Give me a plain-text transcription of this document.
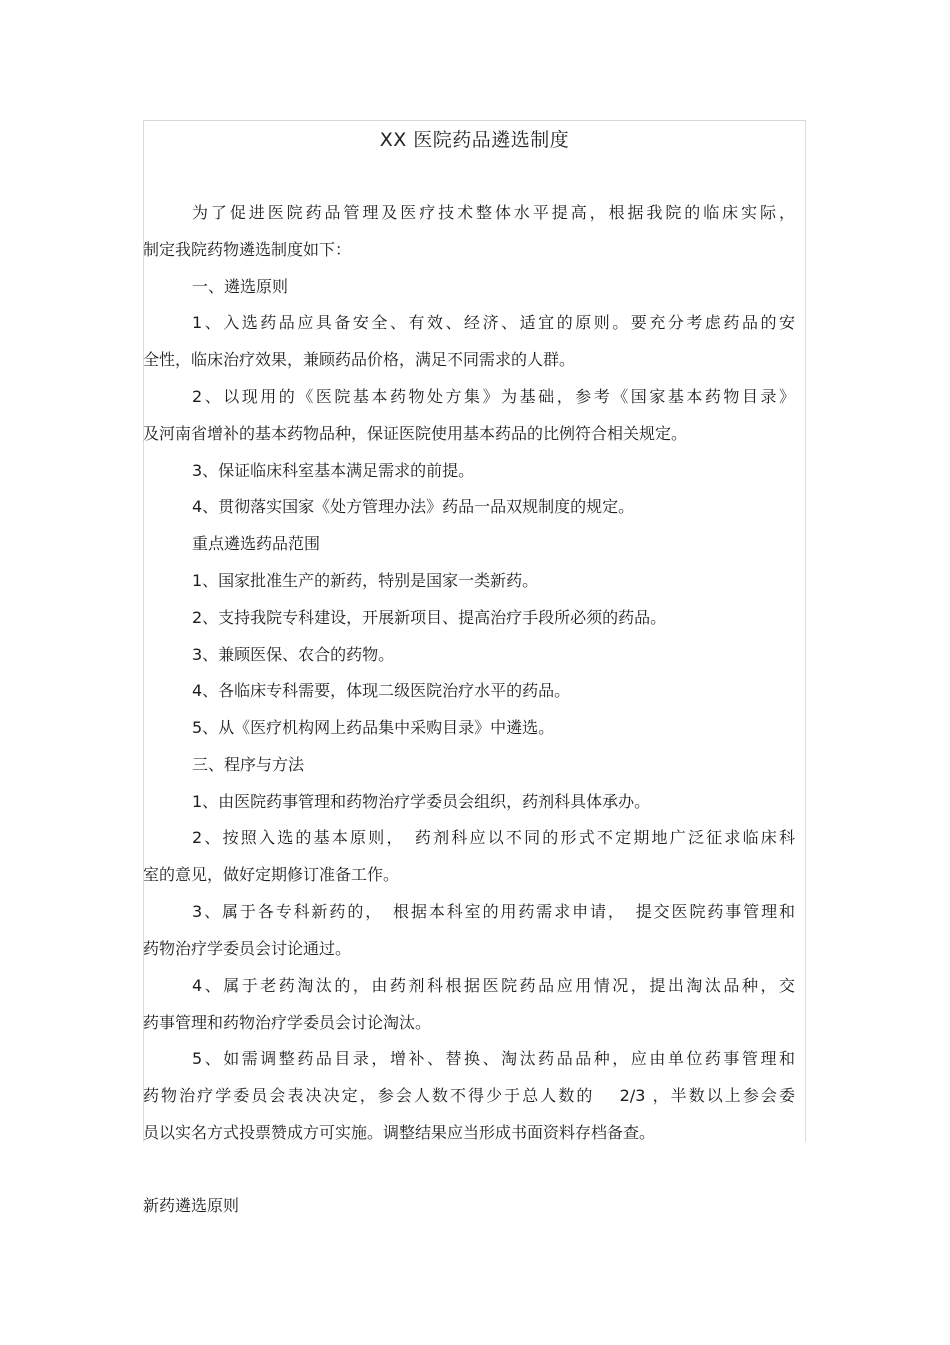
XX 医院药品遴选制度
为了促进医院药品管理及医疗技术整体水平提高，根据我院的临床实际，
制定我院药物遴选制度如下：
一、遴选原则
1、入选药品应具备安全、有效、经济、适宜的原则。要充分考虑药品的安
全性，临床治疗效果，兼顾药品价格，满足不同需求的人群。
2、以现用的《医院基本药物处方集》为基础，参考《国家基本药物目录》
及河南省增补的基本药物品种，保证医院使用基本药品的比例符合相关规定。
3、保证临床科室基本满足需求的前提。
4、贯彻落实国家《处方管理办法》药品一品双规制度的规定。
重点遴选药品范围
1、国家批准生产的新药，特别是国家一类新药。
2、支持我院专科建设，开展新项目、提高治疗手段所必须的药品。
3、兼顾医保、农合的药物。
4、各临床专科需要，体现二级医院治疗水平的药品。
5、从《医疗机构网上药品集中采购目录》中遴选。
三、程序与方法
1、由医院药事管理和药物治疗学委员会组织，药剂科具体承办。
2、按照入选的基本原则，　药剂科应以不同的形式不定期地广泛征求临床科
室的意见，做好定期修订准备工作。
3、属于各专科新药的，　根据本科室的用药需求申请，　提交医院药事管理和
药物治疗学委员会讨论通过。
4、属于老药淘汰的，由药剂科根据医院药品应用情况，提出淘汰品种，交
药事管理和药物治疗学委员会讨论淘汰。
5、如需调整药品目录，增补、替换、淘汰药品品种，应由单位药事管理和
药物治疗学委员会表决决定，参会人数不得少于总人数的　 2/3 ，半数以上参会委
员以实名方式投票赞成方可实施。调整结果应当形成书面资料存档备查。
新药遴选原则
